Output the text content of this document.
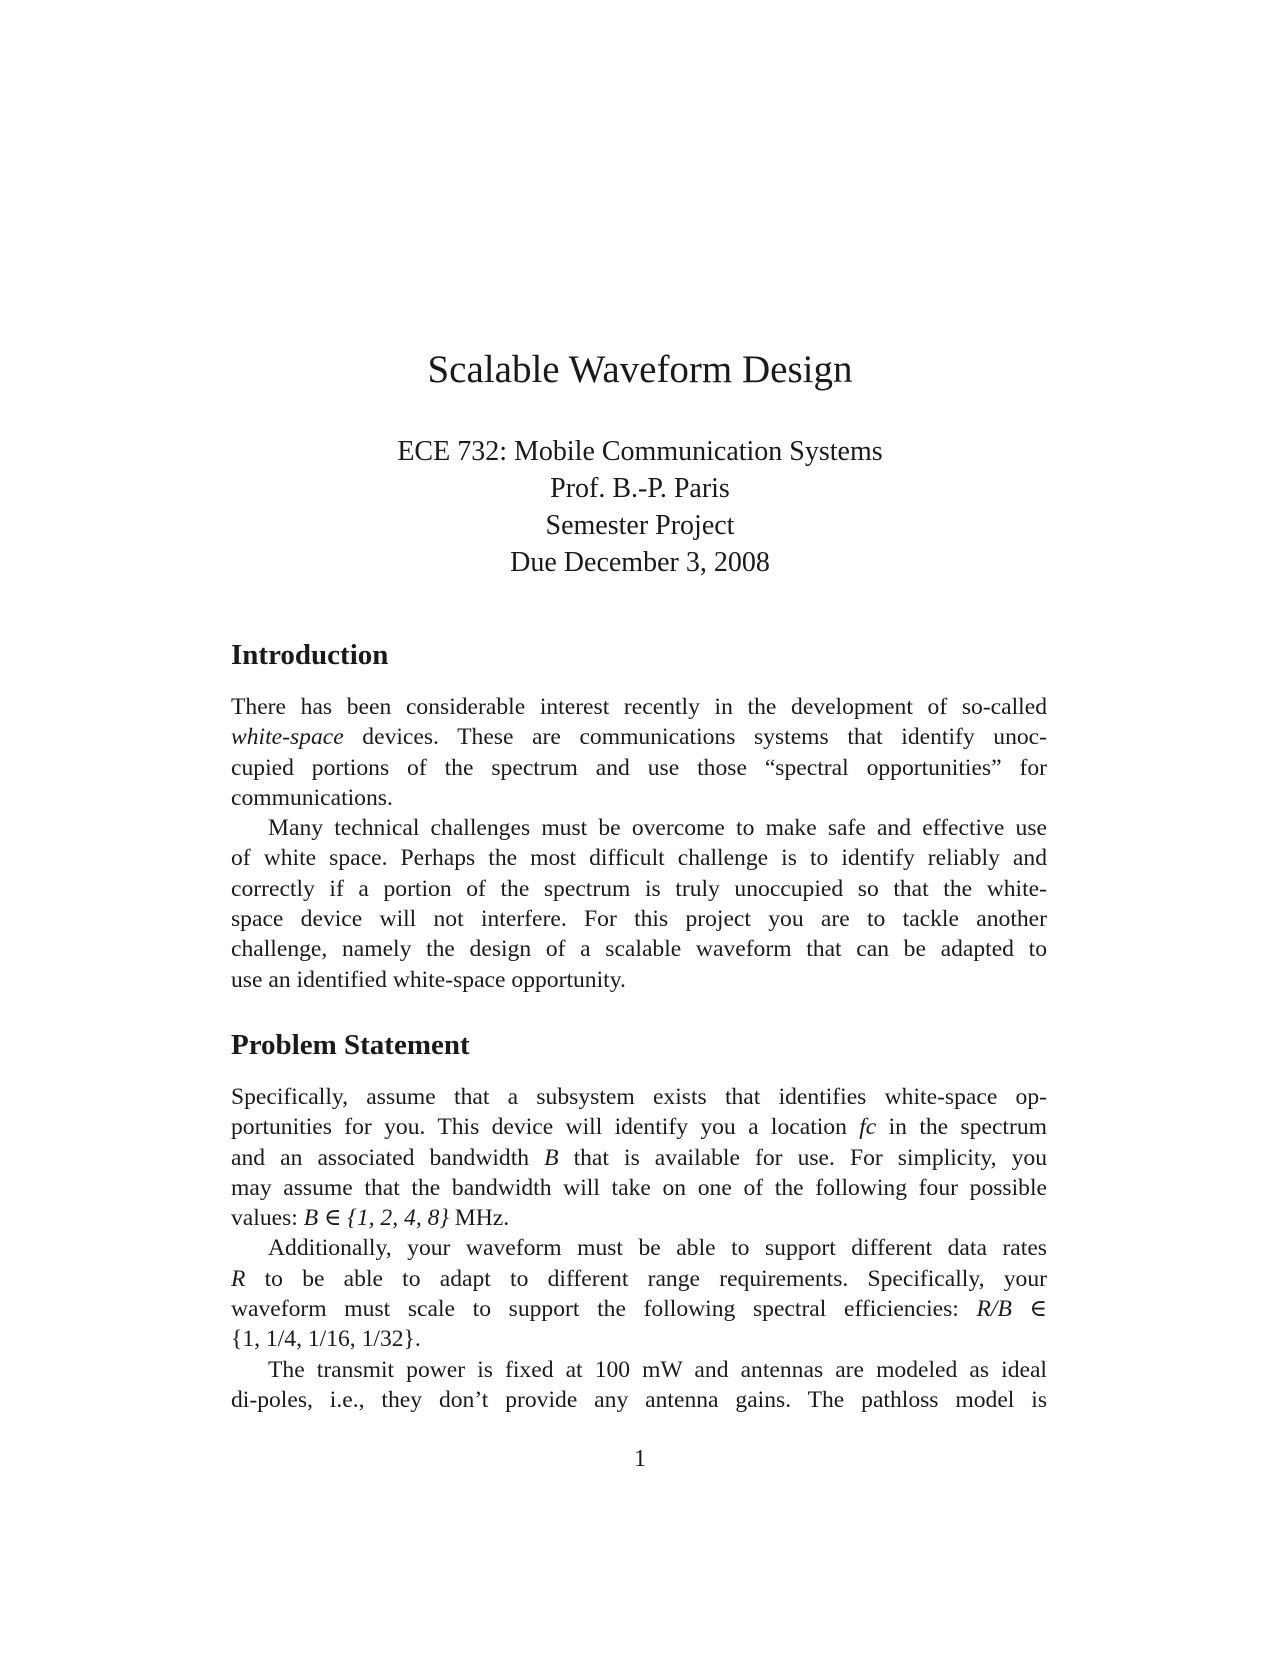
Scalable Waveform Design
ECE 732: Mobile Communication Systems
Prof. B.-P. Paris
Semester Project
Due December 3, 2008
Introduction
There has been considerable interest recently in the development of so-called
white-space devices. These are communications systems that identify unoc-
cupied portions of the spectrum and use those “spectral opportunities” for
communications.
Many technical challenges must be overcome to make safe and effective use
of white space. Perhaps the most difficult challenge is to identify reliably and
correctly if a portion of the spectrum is truly unoccupied so that the white-
space device will not interfere. For this project you are to tackle another
challenge, namely the design of a scalable waveform that can be adapted to
use an identified white-space opportunity.
Problem Statement
Specifically, assume that a subsystem exists that identifies white-space op-
portunities for you. This device will identify you a location fc in the spectrum
and an associated bandwidth B that is available for use. For simplicity, you
may assume that the bandwidth will take on one of the following four possible
values: B ∈ {1, 2, 4, 8} MHz.
Additionally, your waveform must be able to support different data rates
R to be able to adapt to different range requirements. Specifically, your
waveform must scale to support the following spectral efficiencies: R/B ∈
{1, 1/4, 1/16, 1/32}.
The transmit power is fixed at 100 mW and antennas are modeled as ideal
di-poles, i.e., they don’t provide any antenna gains. The pathloss model is
1
